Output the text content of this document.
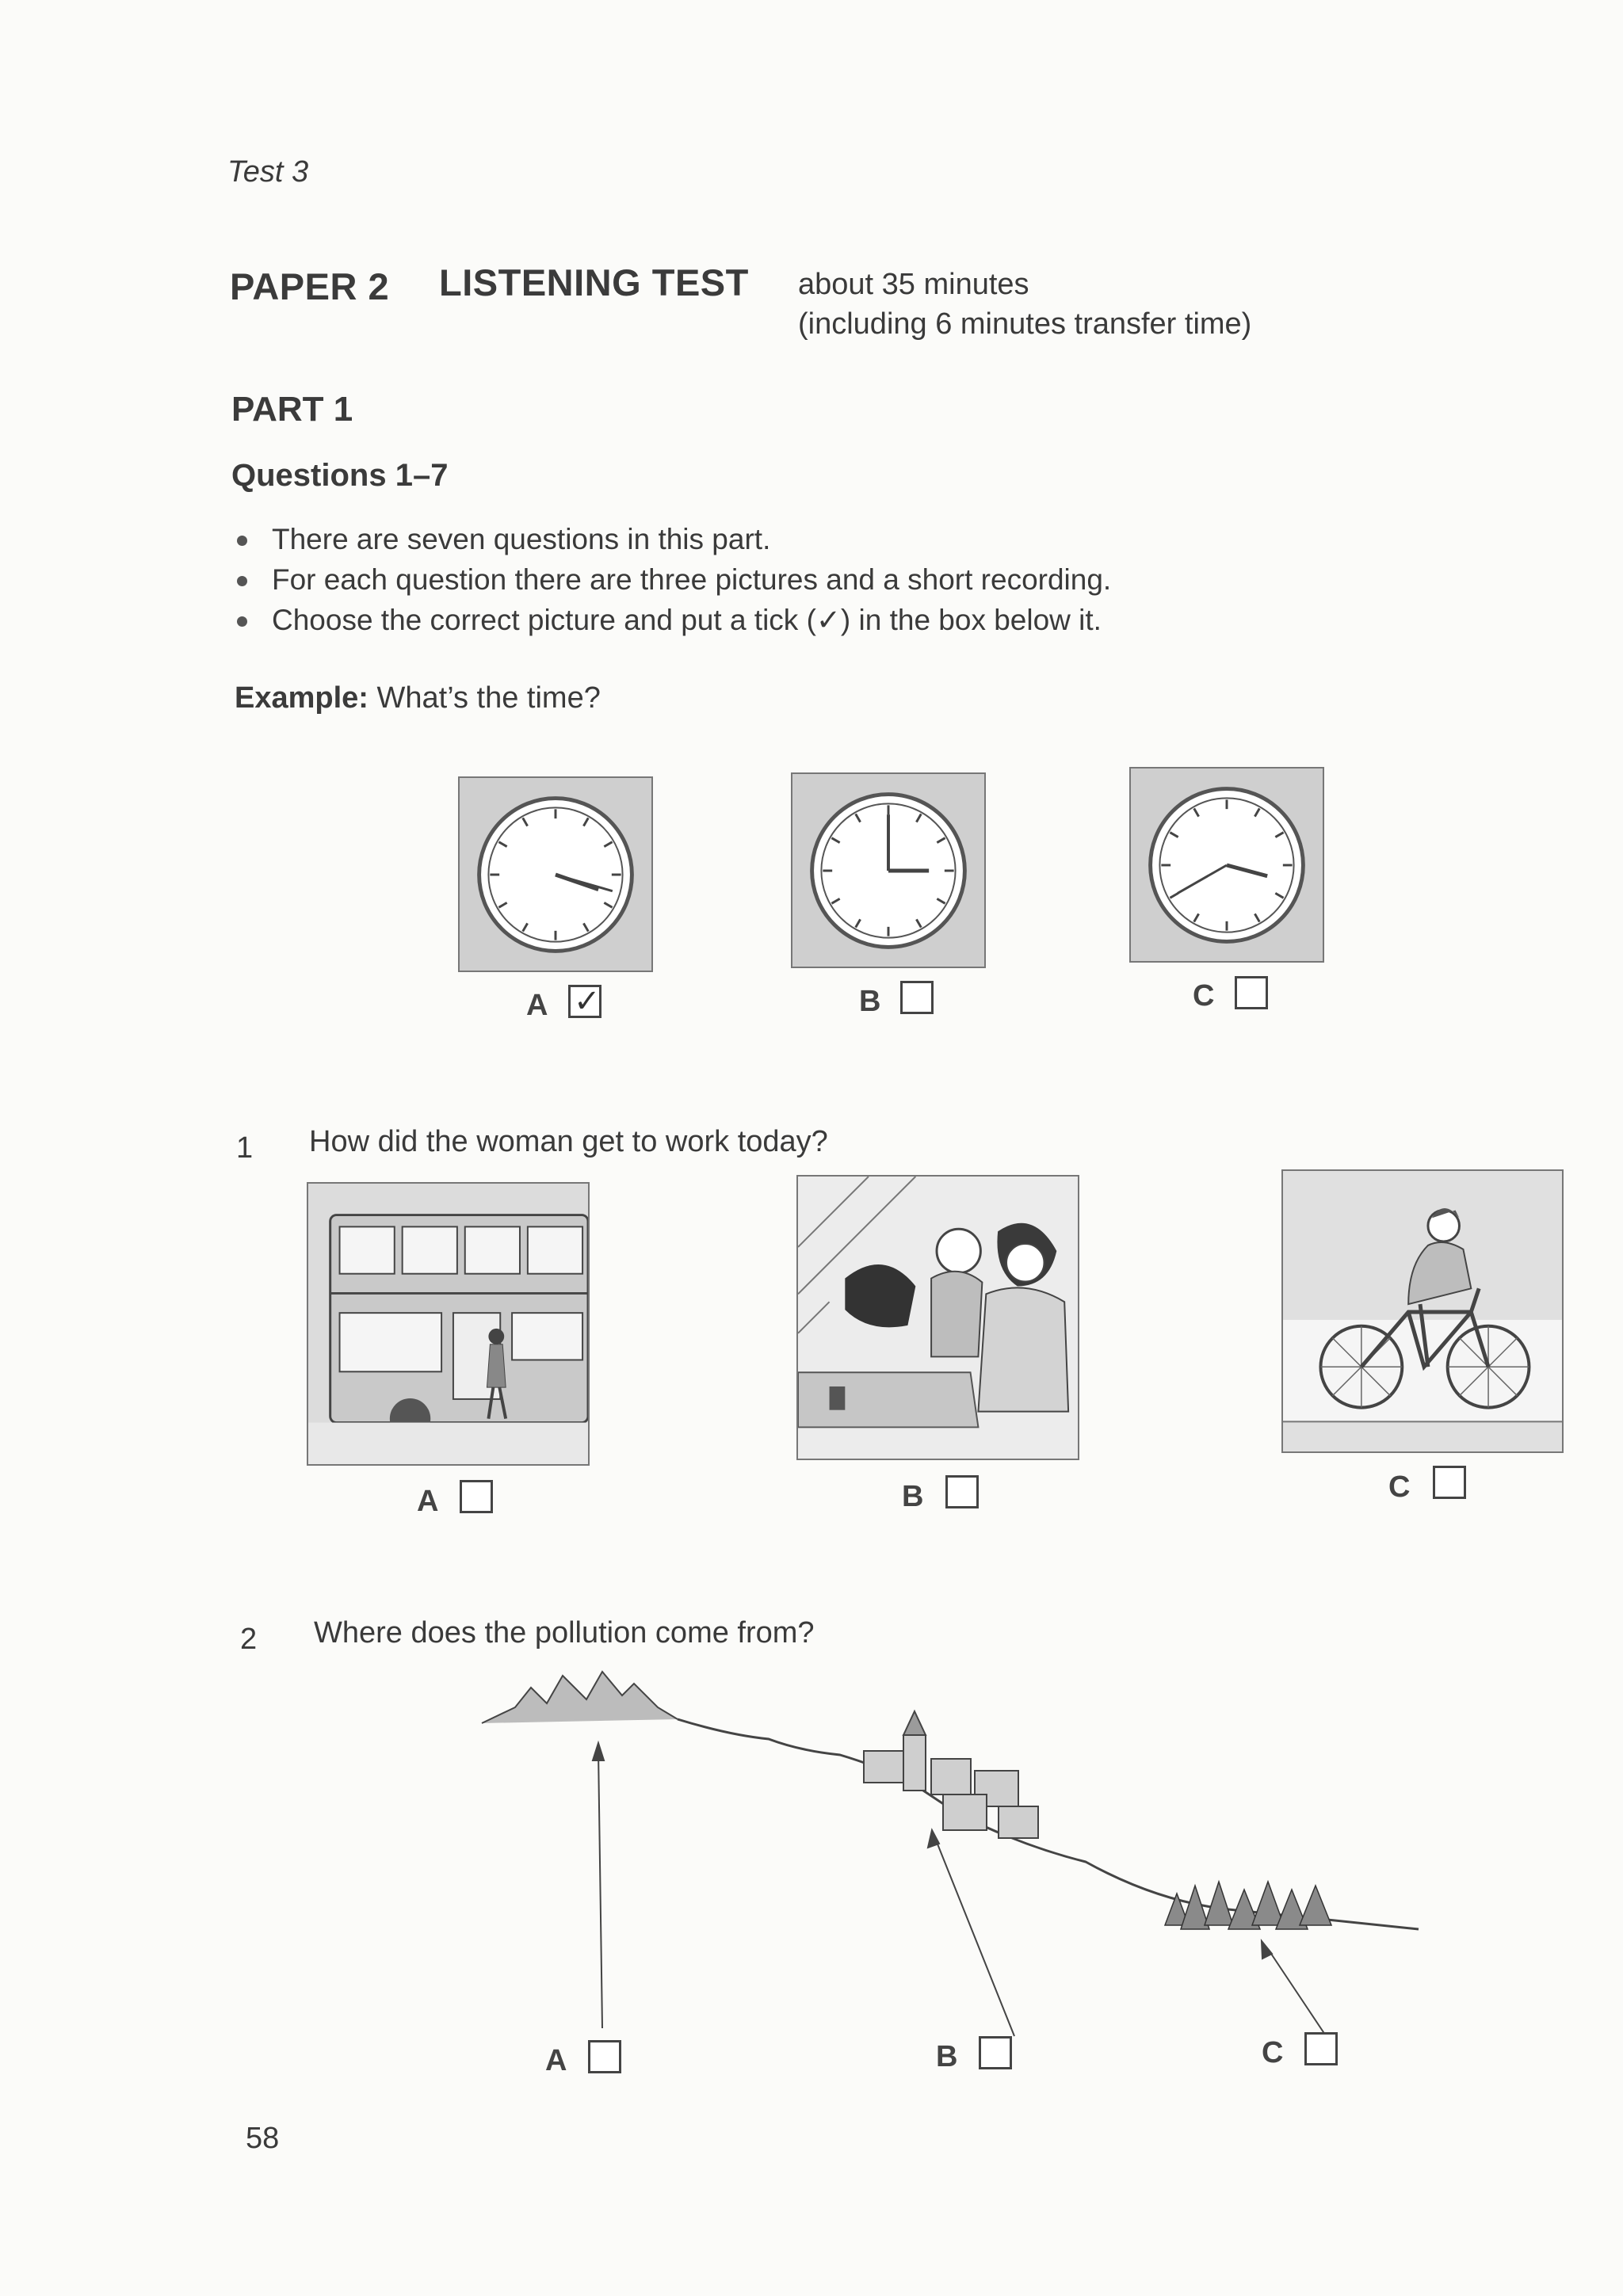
Test 3
PAPER 2 LISTENING TEST about 35 minutes
(including 6 minutes transfer time)
PART 1
Questions 1–7
There are seven questions in this part.
For each question there are three pictures and a short recording.
Choose the correct picture and put a tick (✓) in the box below it.
Example: What’s the time?
A ✓	B	C
1 How did the woman get to work today?
A	B	C
2 Where does the pollution come from?
A	B	C
58
